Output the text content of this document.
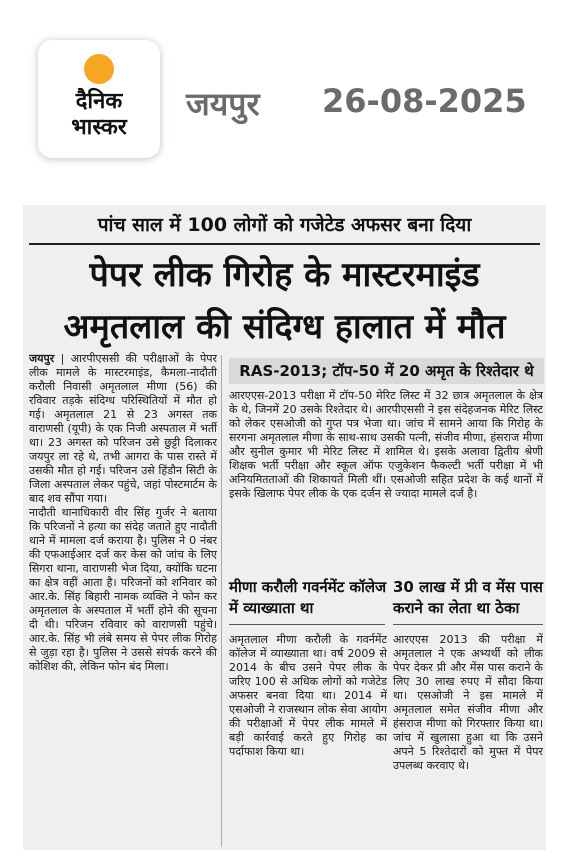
दैनिक
भास्कर
जयपुर 26-08-2025
पांच साल में 100 लोगों को गजेटेड अफसर बना दिया
पेपर लीक गिरोह के मास्टरमाइंड
अमृतलाल की संदिग्ध हालात में मौत

जयपुर | आरपीएससी की परीक्षाओं के पेपर लीक मामले के मास्टरमाइंड, कैमला-नादौती करौली निवासी अमृतलाल मीणा (56) की रविवार तड़के संदिग्ध परिस्थितियों में मौत हो गई। अमृतलाल 21 से 23 अगस्त तक वाराणसी (यूपी) के एक निजी अस्पताल में भर्ती था। 23 अगस्त को परिजन उसे छुट्टी दिलाकर जयपुर ला रहे थे, तभी आगरा के पास रास्ते में उसकी मौत हो गई। परिजन उसे हिंडौन सिटी के जिला अस्पताल लेकर पहुंचे, जहां पोस्टमार्टम के बाद शव सौंपा गया।

नादौती थानाधिकारी वीर सिंह गुर्जर ने बताया कि परिजनों ने हत्या का संदेह जताते हुए नादौती थाने में मामला दर्ज कराया है। पुलिस ने 0 नंबर की एफआईआर दर्ज कर केस को जांच के लिए सिगरा थाना, वाराणसी भेज दिया, क्योंकि घटना का क्षेत्र वहीं आता है। परिजनों को शनिवार को आर.के. सिंह बिहारी नामक व्यक्ति ने फोन कर अमृतलाल के अस्पताल में भर्ती होने की सूचना दी थी। परिजन रविवार को वाराणसी पहुंचे। आर.के. सिंह भी लंबे समय से पेपर लीक गिरोह से जुड़ा रहा है। पुलिस ने उससे संपर्क करने की कोशिश की, लेकिन फोन बंद मिला।

RAS-2013; टॉप-50 में 20 अमृत के रिश्तेदार थे
आरएएस-2013 परीक्षा में टॉप-50 मेरिट लिस्ट में 32 छात्र अमृतलाल के क्षेत्र के थे, जिनमें 20 उसके रिश्तेदार थे। आरपीएससी ने इस संदेहजनक मेरिट लिस्ट को लेकर एसओजी को गुप्त पत्र भेजा था। जांच में सामने आया कि गिरोह के सरगना अमृतलाल मीणा के साथ-साथ उसकी पत्नी, संजीव मीणा, हंसराज मीणा और सुनील कुमार भी मेरिट लिस्ट में शामिल थे। इसके अलावा द्वितीय श्रेणी शिक्षक भर्ती परीक्षा और स्कूल ऑफ एजुकेशन फैकल्टी भर्ती परीक्षा में भी अनियमितताओं की शिकायतें मिली थीं। एसओजी सहित प्रदेश के कई थानों में इसके खिलाफ पेपर लीक के एक दर्जन से ज्यादा मामले दर्ज है।
मीणा करौली गवर्नमेंट कॉलेज में व्याख्याता था
अमृतलाल मीणा करौली के गवर्नमेंट कॉलेज में व्याख्याता था। वर्ष 2009 से 2014 के बीच उसने पेपर लीक के जरिए 100 से अधिक लोगों को गजेटेड अफसर बनवा दिया था। 2014 में एसओजी ने राजस्थान लोक सेवा आयोग की परीक्षाओं में पेपर लीक मामले में बड़ी कार्रवाई करते हुए गिरोह का पर्दाफाश किया था।
30 लाख में प्री व मेंस पास कराने का लेता था ठेका
आरएएस 2013 की परीक्षा में अमृतलाल ने एक अभ्यर्थी को लीक पेपर देकर प्री और मेंस पास कराने के लिए 30 लाख रुपए में सौदा किया था। एसओजी ने इस मामले में अमृतलाल समेत संजीव मीणा और हंसराज मीणा को गिरफ्तार किया था। जांच में खुलासा हुआ था कि उसने अपने 5 रिश्तेदारों को मुफ्त में पेपर उपलब्ध करवाए थे।
